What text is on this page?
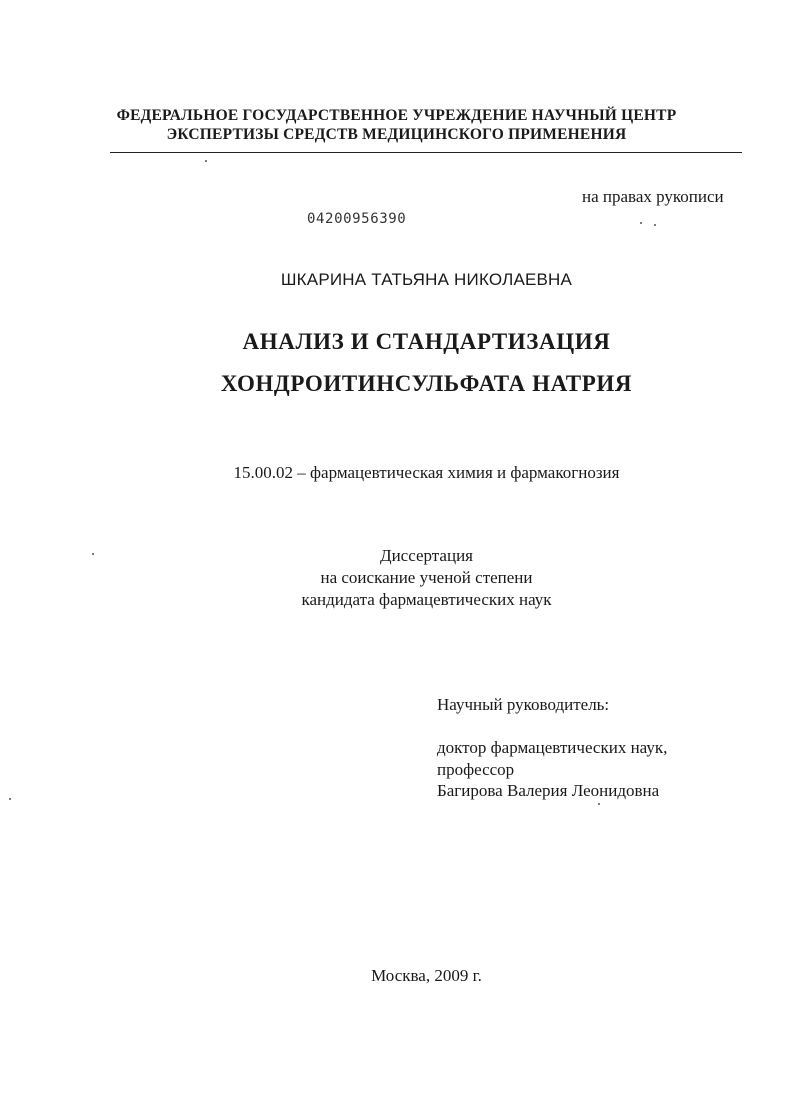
ФЕДЕРАЛЬНОЕ ГОСУДАРСТВЕННОЕ УЧРЕЖДЕНИЕ НАУЧНЫЙ ЦЕНТР
ЭКСПЕРТИЗЫ СРЕДСТВ МЕДИЦИНСКОГО ПРИМЕНЕНИЯ
на правах рукописи
04200956390
ШКАРИНА ТАТЬЯНА НИКОЛАЕВНА
АНАЛИЗ И СТАНДАРТИЗАЦИЯ
ХОНДРОИТИНСУЛЬФАТА НАТРИЯ
15.00.02 – фармацевтическая химия и фармакогнозия
Диссертация
на соискание ученой степени
кандидата фармацевтических наук
Научный руководитель:
доктор фармацевтических наук,
профессор
Багирова Валерия Леонидовна
Москва, 2009 г.
